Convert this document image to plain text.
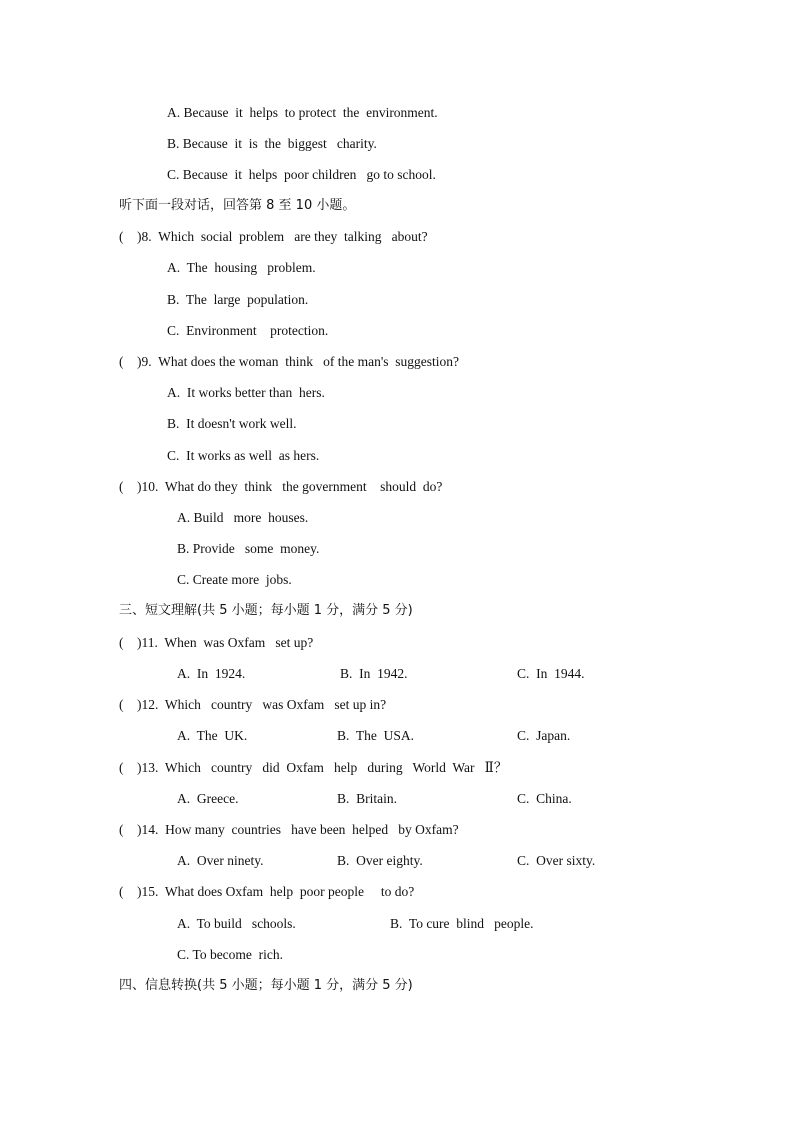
A. Because  it  helps  to protect  the  environment.
B. Because  it  is  the  biggest   charity.
C. Because  it  helps  poor children   go to school.
听下面一段对话，回答第 8 至 10 小题。
(    )8.  Which  social  problem   are they  talking   about?
A.  The  housing   problem.
B.  The  large  population.
C.  Environment    protection.
(    )9.  What does the woman  think   of the man's  suggestion?
A.  It works better than  hers.
B.  It doesn't work well.
C.  It works as well  as hers.
(    )10.  What do they  think   the government    should  do?
A. Build   more  houses.
B. Provide   some  money.
C. Create more  jobs.
三、短文理解(共 5 小题；每小题 1 分，满分 5 分)
(    )11.  When  was Oxfam   set up?
A.  In  1924.	B.  In  1942.	C.  In  1944.
(    )12.  Which   country   was Oxfam   set up in?
A.  The  UK.	B.  The  USA.	C.  Japan.
(    )13.  Which   country   did  Oxfam   help   during   World  War   Ⅱ？
A.  Greece.	B.  Britain.	C.  China.
(    )14.  How many  countries   have been  helped   by Oxfam?
A.  Over ninety.	B.  Over eighty.	C.  Over sixty.
(    )15.  What does Oxfam  help  poor people     to do?
A.  To build   schools.	B.  To cure  blind   people.
C. To become  rich.
四、信息转换(共 5 小题；每小题 1 分，满分 5 分)
